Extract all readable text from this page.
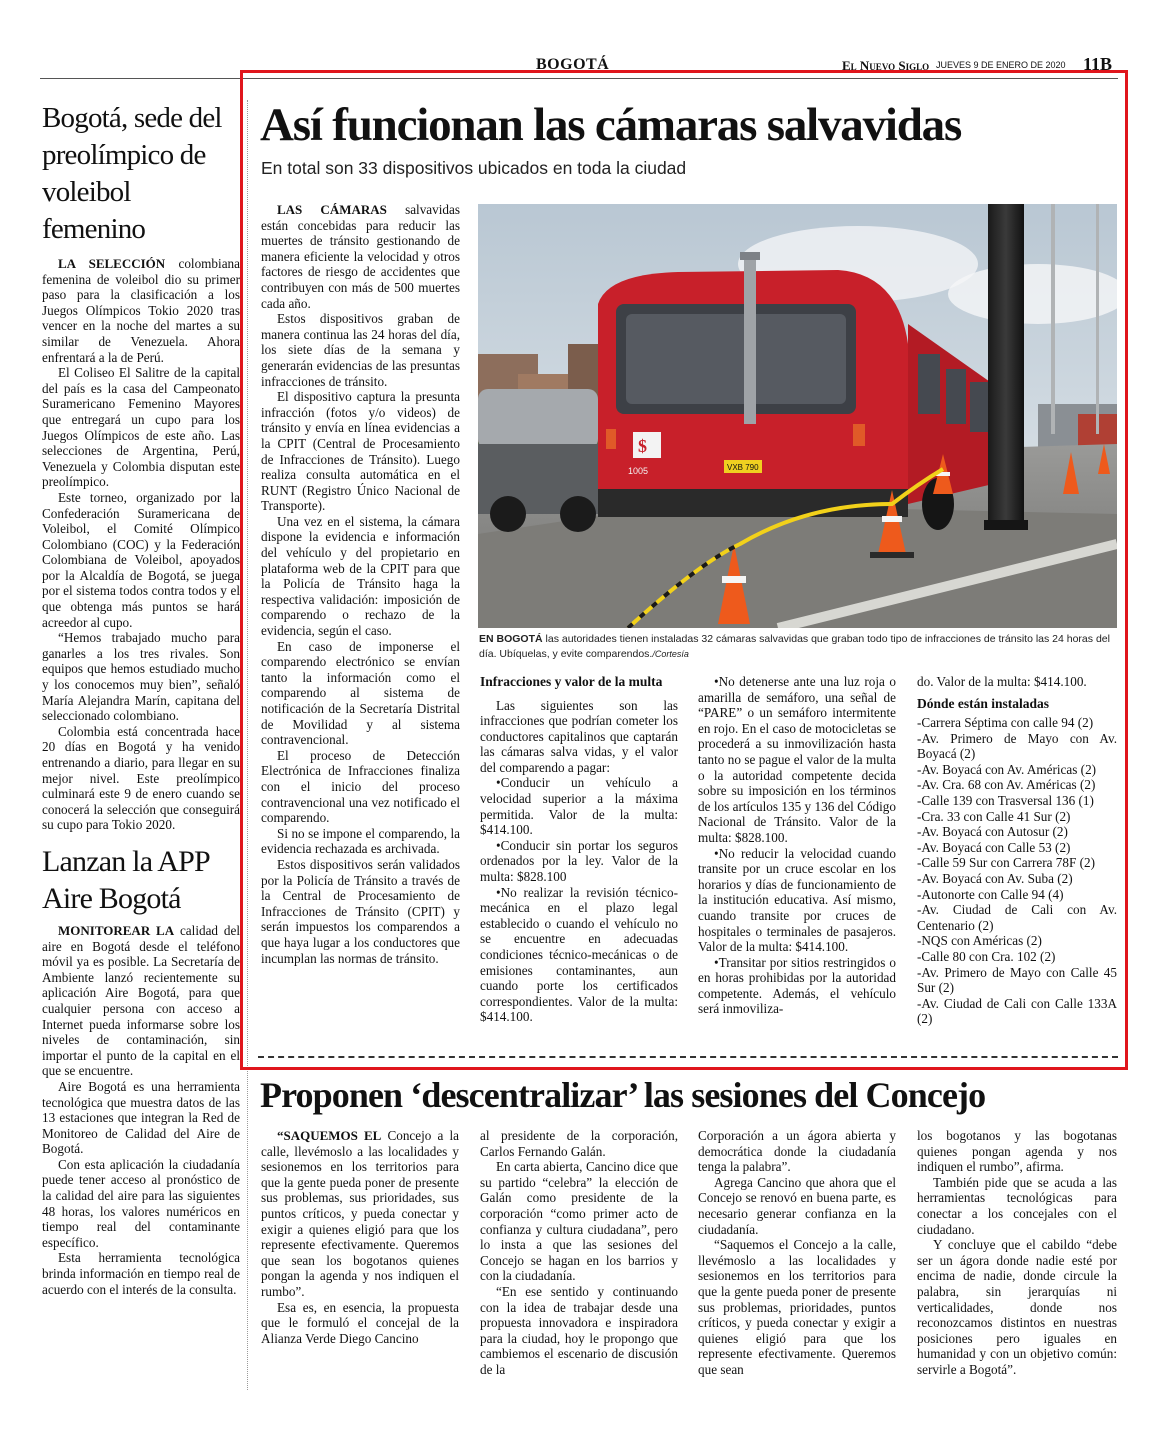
BOGOTÁ	El Nuevo Siglo JUEVES 9 DE ENERO DE 2020 11B
Bogotá, sede del preolímpico de voleibol femenino

LA SELECCIÓN colombiana femenina de voleibol dio su primer paso para la clasificación a los Juegos Olímpicos Tokio 2020 tras vencer en la noche del martes a su similar de Venezuela. Ahora enfrentará a la de Perú.

El Coliseo El Salitre de la capital del país es la casa del Campeonato Suramericano Femenino Mayores que entregará un cupo para los Juegos Olímpicos de este año. Las selecciones de Argentina, Perú, Venezuela y Colombia disputan este preolímpico.

Este torneo, organizado por la Confederación Suramericana de Voleibol, el Comité Olímpico Colombiano (COC) y la Federación Colombiana de Voleibol, apoyados por la Alcaldía de Bogotá, se juega por el sistema todos contra todos y el que obtenga más puntos se hará acreedor al cupo.

“Hemos trabajado mucho para ganarles a los tres rivales. Son equipos que hemos estudiado mucho y los conocemos muy bien”, señaló María Alejandra Marín, capitana del seleccionado colombiano.

Colombia está concentrada hace 20 días en Bogotá y ha venido entrenando a diario, para llegar en su mejor nivel. Este preolímpico culminará este 9 de enero cuando se conocerá la selección que conseguirá su cupo para Tokio 2020.

Lanzan la APP Aire Bogotá

MONITOREAR LA calidad del aire en Bogotá desde el teléfono móvil ya es posible. La Secretaría de Ambiente lanzó recientemente su aplicación Aire Bogotá, para que cualquier persona con acceso a Internet pueda informarse sobre los niveles de contaminación, sin importar el punto de la capital en el que se encuentre.

Aire Bogotá es una herramienta tecnológica que muestra datos de las 13 estaciones que integran la Red de Monitoreo de Calidad del Aire de Bogotá.

Con esta aplicación la ciudadanía puede tener acceso al pronóstico de la calidad del aire para las siguientes 48 horas, los valores numéricos en tiempo real del contaminante específico.

Esta herramienta tecnológica brinda información en tiempo real de acuerdo con el interés de la consulta.

Así funcionan las cámaras salvavidas
En total son 33 dispositivos ubicados en toda la ciudad

LAS CÁMARAS salvavidas están concebidas para reducir las muertes de tránsito gestionando de manera eficiente la velocidad y otros factores de riesgo de accidentes que contribuyen con más de 500 muertes cada año.

Estos dispositivos graban de manera continua las 24 horas del día, los siete días de la semana y generarán evidencias de las presuntas infracciones de tránsito.

El dispositivo captura la presunta infracción (fotos y/o videos) de tránsito y envía en línea evidencias a la CPIT (Central de Procesamiento de Infracciones de Tránsito). Luego realiza consulta automática en el RUNT (Registro Único Nacional de Transporte).

Una vez en el sistema, la cámara dispone la evidencia e información del vehículo y del propietario en plataforma web de la CPIT para que la Policía de Tránsito haga la respectiva validación: imposición de comparendo o rechazo de la evidencia, según el caso.

En caso de imponerse el comparendo electrónico se envían tanto la información como el comparendo al sistema de notificación de la Secretaría Distrital de Movilidad y al sistema contravencional.

El proceso de Detección Electrónica de Infracciones finaliza con el inicio del proceso contravencional una vez notificado el comparendo.

Si no se impone el comparendo, la evidencia rechazada es archivada.

Estos dispositivos serán validados por la Policía de Tránsito a través de la Central de Procesamiento de Infracciones de Tránsito (CPIT) y serán impuestos los comparendos a que haya lugar a los conductores que incumplan las normas de tránsito.

$
1005	VXB 790
EN BOGOTÁ las autoridades tienen instaladas 32 cámaras salvavidas que graban todo tipo de infracciones de tránsito las 24 horas del día. Ubíquelas, y evite comparendos./Cortesía
Infracciones y valor de la multa

Las siguientes son las infracciones que podrían cometer los conductores capitalinos que captarán las cámaras salva vidas, y el valor del comparendo a pagar:

•Conducir un vehículo a velocidad superior a la máxima permitida. Valor de la multa: $414.100.

•Conducir sin portar los seguros ordenados por la ley. Valor de la multa: $828.100

•No realizar la revisión técnico-mecánica en el plazo legal establecido o cuando el vehículo no se encuentre en adecuadas condiciones técnico-mecánicas o de emisiones contaminantes, aun cuando porte los certificados correspondientes. Valor de la multa: $414.100.

•No detenerse ante una luz roja o amarilla de semáforo, una señal de “PARE” o un semáforo intermitente en rojo. En el caso de motocicletas se procederá a su inmovilización hasta tanto no se pague el valor de la multa o la autoridad competente decida sobre su imposición en los términos de los artículos 135 y 136 del Código Nacional de Tránsito. Valor de la multa: $828.100.

•No reducir la velocidad cuando transite por un cruce escolar en los horarios y días de funcionamiento de la institución educativa. Así mismo, cuando transite por cruces de hospitales o terminales de pasajeros. Valor de la multa: $414.100.

•Transitar por sitios restringidos o en horas prohibidas por la autoridad competente. Además, el vehículo será inmoviliza-

do. Valor de la multa: $414.100.

Dónde están instaladas

-Carrera Séptima con calle 94 (2)

-Av. Primero de Mayo con Av. Boyacá (2)

-Av. Boyacá con Av. Américas (2)

-Av. Cra. 68 con Av. Américas (2)

-Calle 139 con Trasversal 136 (1)

-Cra. 33 con Calle 41 Sur (2)

-Av. Boyacá con Autosur (2)

-Av. Boyacá con Calle 53 (2)

-Calle 59 Sur con Carrera 78F (2)

-Av. Boyacá con Av. Suba (2)

-Autonorte con Calle 94 (4)

-Av. Ciudad de Cali con Av. Centenario (2)

-NQS con Américas (2)

-Calle 80 con Cra. 102 (2)

-Av. Primero de Mayo con Calle 45 Sur (2)

-Av. Ciudad de Cali con Calle 133A (2)

Proponen ‘descentralizar’ las sesiones del Concejo

“SAQUEMOS EL Concejo a la calle, llevémoslo a las localidades y sesionemos en los territorios para que la gente pueda poner de presente sus problemas, sus prioridades, sus puntos críticos, y pueda conectar y exigir a quienes eligió para que los represente efectivamente. Queremos que sean los bogotanos quienes pongan la agenda y nos indiquen el rumbo”.

Esa es, en esencia, la propuesta que le formuló el concejal de la Alianza Verde Diego Cancino

al presidente de la corporación, Carlos Fernando Galán.

En carta abierta, Cancino dice que su partido “celebra” la elección de Galán como presidente de la corporación “como primer acto de confianza y cultura ciudadana”, pero lo insta a que las sesiones del Concejo se hagan en los barrios y con la ciudadanía.

“En ese sentido y continuando con la idea de trabajar desde una propuesta innovadora e inspiradora para la ciudad, hoy le propongo que cambiemos el escenario de discusión de la

Corporación a un ágora abierta y democrática donde la ciudadanía tenga la palabra”.

Agrega Cancino que ahora que el Concejo se renovó en buena parte, es necesario generar confianza en la ciudadanía.

“Saquemos el Concejo a la calle, llevémoslo a las localidades y sesionemos en los territorios para que la gente pueda poner de presente sus problemas, prioridades, puntos críticos, y pueda conectar y exigir a quienes eligió para que los represente efectivamente. Queremos que sean

los bogotanos y las bogotanas quienes pongan agenda y nos indiquen el rumbo”, afirma.

También pide que se acuda a las herramientas tecnológicas para conectar a los concejales con el ciudadano.

Y concluye que el cabildo “debe ser un ágora donde nadie esté por encima de nadie, donde circule la palabra, sin jerarquías ni verticalidades, donde nos reconozcamos distintos en nuestras posiciones pero iguales en humanidad y con un objetivo común: servirle a Bogotá”.
